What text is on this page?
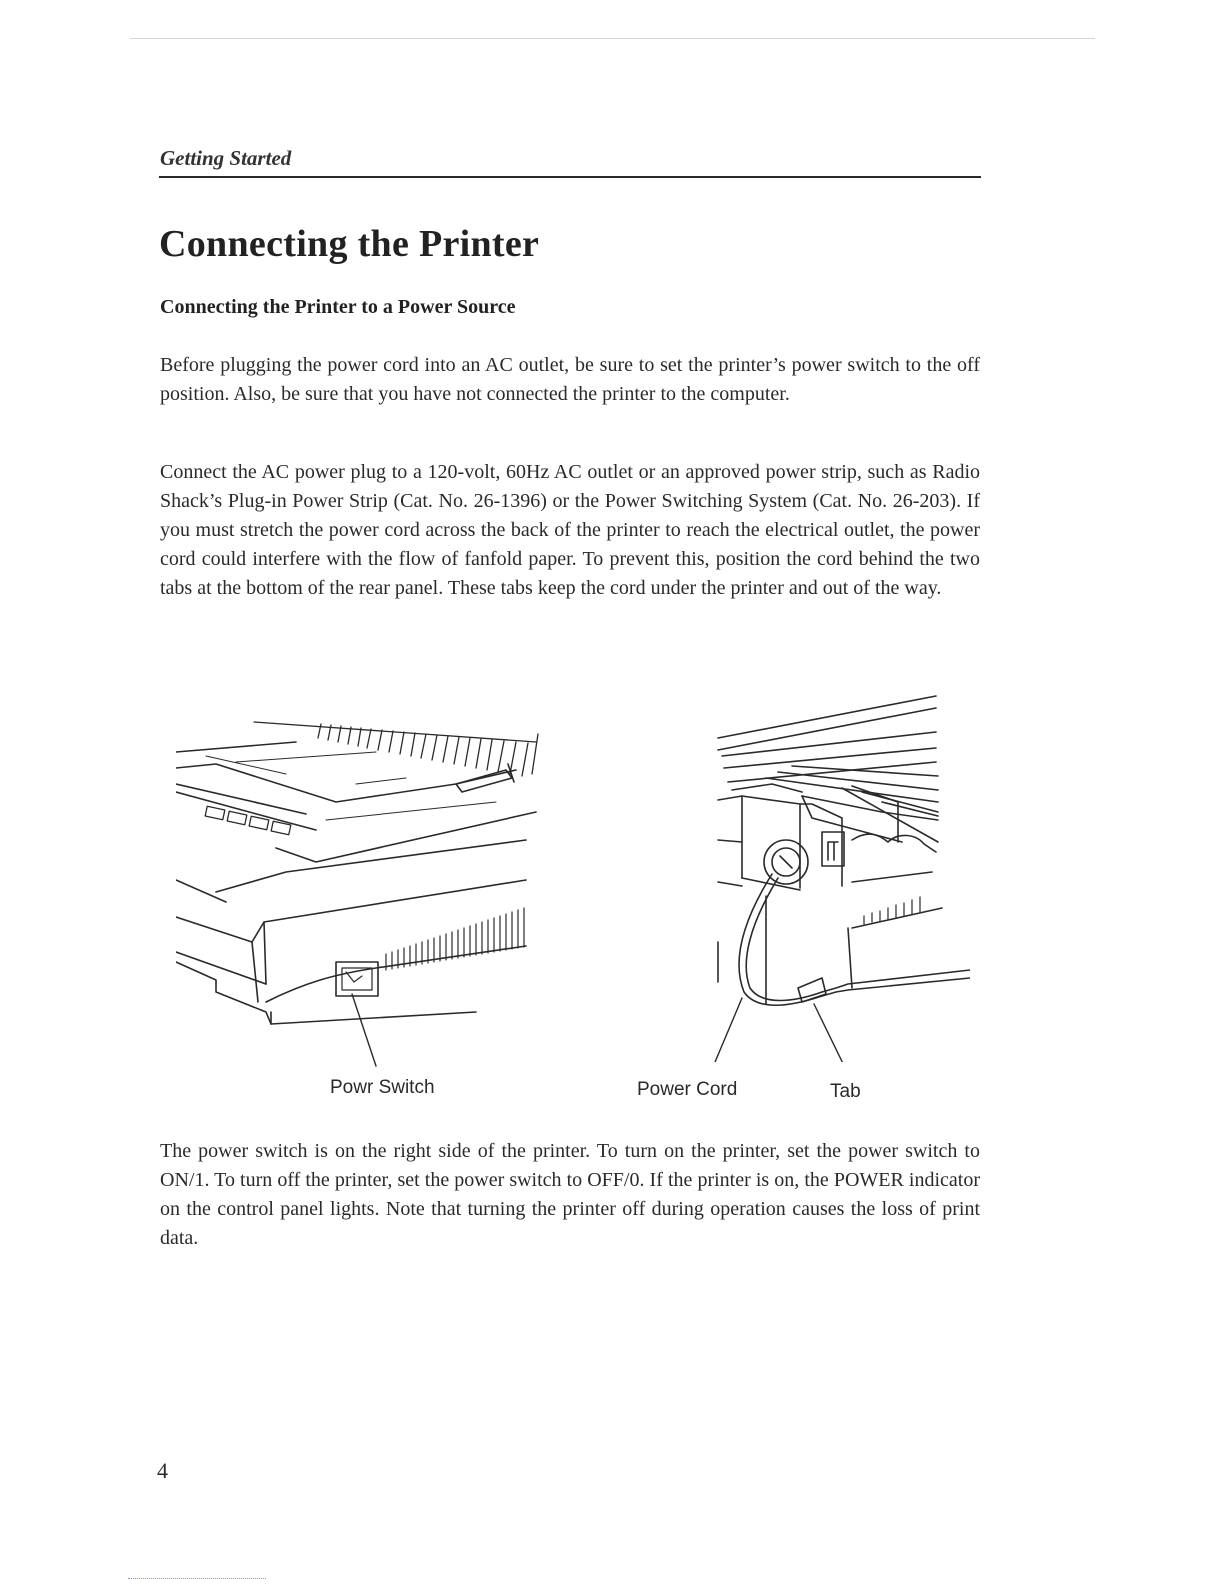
Getting Started
Connecting the Printer
Connecting the Printer to a Power Source

Before plugging the power cord into an AC outlet, be sure to set the printer’s power switch to the off position. Also, be sure that you have not connected the printer to the computer.

Connect the AC power plug to a 120-volt, 60Hz AC outlet or an approved power strip, such as Radio Shack’s Plug-in Power Strip (Cat. No. 26-1396) or the Power Switching System (Cat. No. 26-203). If you must stretch the power cord across the back of the printer to reach the electrical outlet, the power cord could interfere with the flow of fanfold paper. To prevent this, position the cord behind the two tabs at the bottom of the rear panel. These tabs keep the cord under the printer and out of the way.

Powr Switch	Power Cord	Tab

The power switch is on the right side of the printer. To turn on the printer, set the power switch to ON/1. To turn off the printer, set the power switch to OFF/0. If the printer is on, the POWER indicator on the control panel lights. Note that turning the printer off during operation causes the loss of print data.

4
